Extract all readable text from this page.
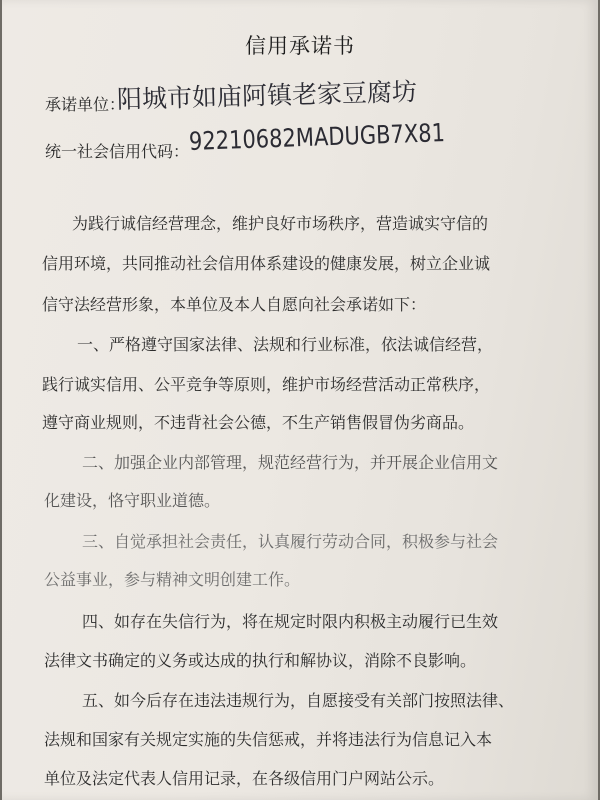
信用承诺书
承诺单位：
阳城市如庙阿镇老家豆腐坊
统一社会信用代码： 92210682MADUGB7X81
为践行诚信经营理念，维护良好市场秩序，营造诚实守信的
信用环境，共同推动社会信用体系建设的健康发展，树立企业诚
信守法经营形象，本单位及本人自愿向社会承诺如下：
一、严格遵守国家法律、法规和行业标准，依法诚信经营，
践行诚实信用、公平竞争等原则，维护市场经营活动正常秩序，
遵守商业规则，不违背社会公德，不生产销售假冒伪劣商品。
二、加强企业内部管理，规范经营行为，并开展企业信用文
化建设，恪守职业道德。
三、自觉承担社会责任，认真履行劳动合同，积极参与社会
公益事业，参与精神文明创建工作。
四、如存在失信行为，将在规定时限内积极主动履行已生效
法律文书确定的义务或达成的执行和解协议，消除不良影响。
五、如今后存在违法违规行为，自愿接受有关部门按照法律、
法规和国家有关规定实施的失信惩戒，并将违法行为信息记入本
单位及法定代表人信用记录，在各级信用门户网站公示。
